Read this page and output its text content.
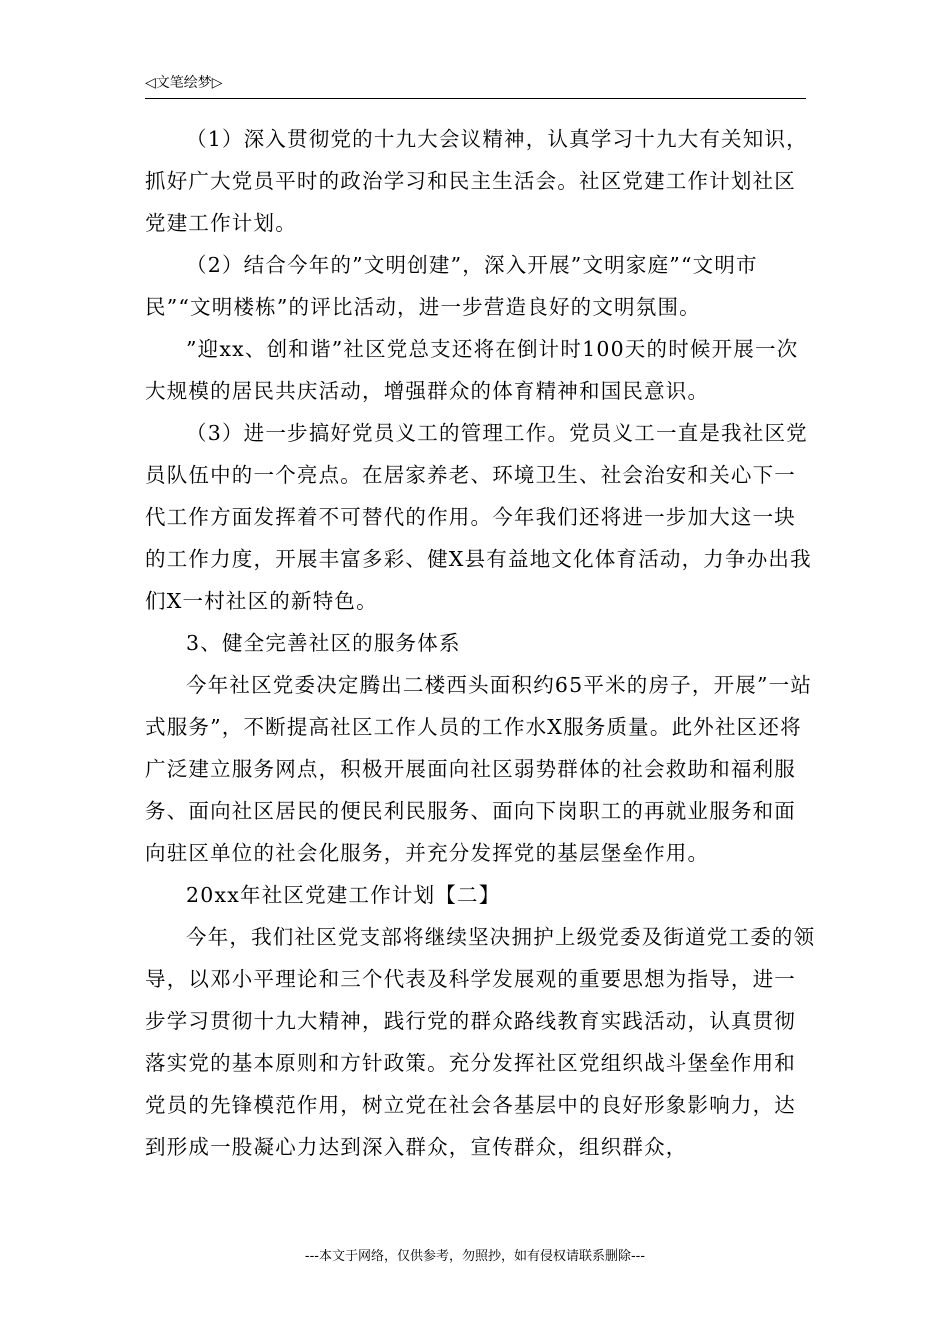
◁文笔绘梦▷

（1）深入贯彻党的十九大会议精神，认真学习十九大有关知识，抓好广大党员平时的政治学习和民主生活会。社区党建工作计划社区党建工作计划。

（2）结合今年的”文明创建”，深入开展”文明家庭”“文明市民”“文明楼栋”的评比活动，进一步营造良好的文明氛围。

”迎xx、创和谐”社区党总支还将在倒计时100天的时候开展一次大规模的居民共庆活动，增强群众的体育精神和国民意识。

（3）进一步搞好党员义工的管理工作。党员义工一直是我社区党员队伍中的一个亮点。在居家养老、环境卫生、社会治安和关心下一代工作方面发挥着不可替代的作用。今年我们还将进一步加大这一块的工作力度，开展丰富多彩、健X县有益地文化体育活动，力争办出我们X一村社区的新特色。

3、健全完善社区的服务体系

今年社区党委决定腾出二楼西头面积约65平米的房子，开展”一站式服务”，不断提高社区工作人员的工作水X服务质量。此外社区还将广泛建立服务网点，积极开展面向社区弱势群体的社会救助和福利服务、面向社区居民的便民利民服务、面向下岗职工的再就业服务和面向驻区单位的社会化服务，并充分发挥党的基层堡垒作用。

20xx年社区党建工作计划【二】

今年，我们社区党支部将继续坚决拥护上级党委及街道党工委的领导，以邓小平理论和三个代表及科学发展观的重要思想为指导，进一步学习贯彻十九大精神，践行党的群众路线教育实践活动，认真贯彻落实党的基本原则和方针政策。充分发挥社区党组织战斗堡垒作用和党员的先锋模范作用，树立党在社会各基层中的良好形象影响力，达到形成一股凝心力达到深入群众，宣传群众，组织群众，

---本文于网络，仅供参考，勿照抄，如有侵权请联系删除---
